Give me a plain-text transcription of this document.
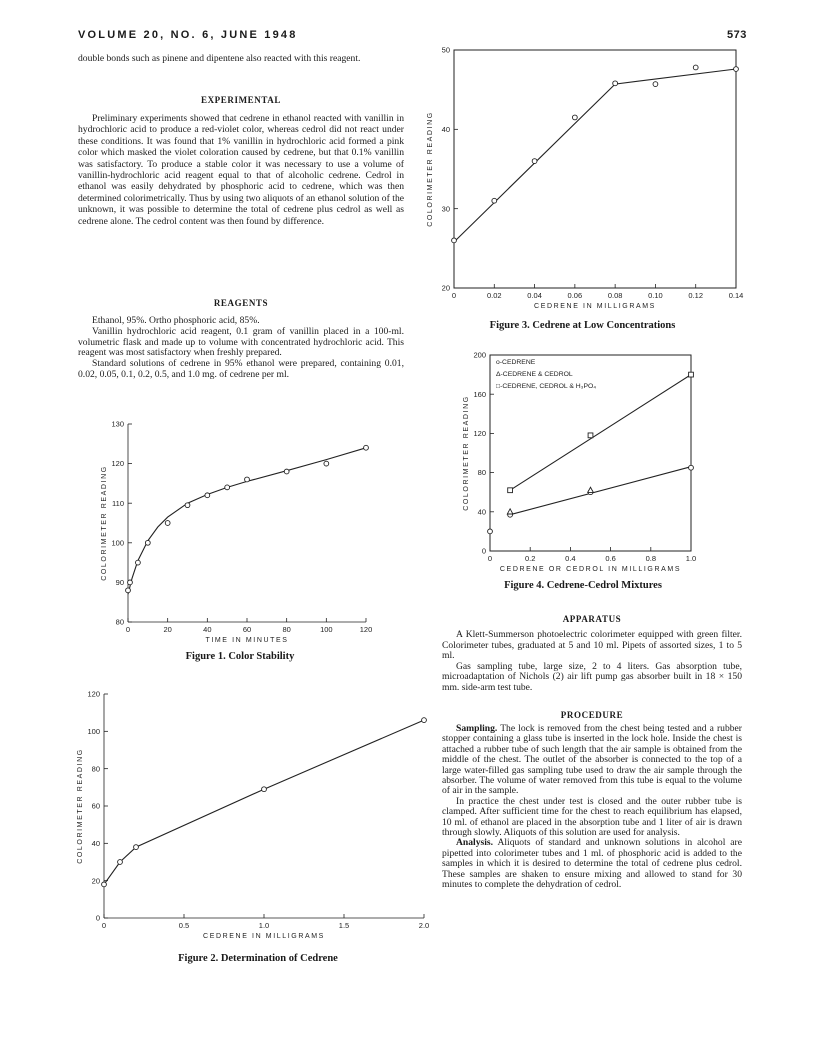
VOLUME 20, NO. 6, JUNE 1948	573

double bonds such as pinene and dipentene also reacted with this reagent.

EXPERIMENTAL

Preliminary experiments showed that cedrene in ethanol reacted with vanillin in hydrochloric acid to produce a red-violet color, whereas cedrol did not react under these conditions. It was found that 1% vanillin in hydrochloric acid formed a pink color which masked the violet coloration caused by cedrene, but that 0.1% vanillin was satisfactory. To produce a stable color it was necessary to use a volume of vanillin-hydrochloric acid reagent equal to that of alcoholic cedrene. Cedrol in ethanol was easily dehydrated by phosphoric acid to cedrene, which was then determined colorimetrically. Thus by using two aliquots of an ethanol solution of the unknown, it was possible to determine the total of cedrene plus cedrol as well as cedrene alone. The cedrol content was then found by difference.

REAGENTS

Ethanol, 95%. Ortho phosphoric acid, 85%.

Vanillin hydrochloric acid reagent, 0.1 gram of vanillin placed in a 100-ml. volumetric flask and made up to volume with concentrated hydrochloric acid. This reagent was most satisfactory when freshly prepared.

Standard solutions of cedrene in 95% ethanol were prepared, containing 0.01, 0.02, 0.05, 0.1, 0.2, 0.5, and 1.0 mg. of cedrene per ml.

APPARATUS

A Klett-Summerson photoelectric colorimeter equipped with green filter. Colorimeter tubes, graduated at 5 and 10 ml. Pipets of assorted sizes, 1 to 5 ml.

Gas sampling tube, large size, 2 to 4 liters. Gas absorption tube, microadaptation of Nichols (2) air lift pump gas absorber built in 18 × 150 mm. side-arm test tube.

PROCEDURE

Sampling. The lock is removed from the chest being tested and a rubber stopper containing a glass tube is inserted in the lock hole. Inside the chest is attached a rubber tube of such length that the air sample is obtained from the middle of the chest. The outlet of the absorber is connected to the top of a large water-filled gas sampling tube used to draw the air sample through the absorber. The volume of water removed from this tube is equal to the volume of air in the sample.

In practice the chest under test is closed and the outer rubber tube is clamped. After sufficient time for the chest to reach equilibrium has elapsed, 10 ml. of ethanol are placed in the absorption tube and 1 liter of air is drawn through slowly. Aliquots of this solution are used for analysis.

Analysis. Aliquots of standard and unknown solutions in alcohol are pipetted into colorimeter tubes and 1 ml. of phosphoric acid is added to the samples in which it is desired to determine the total of cedrene plus cedrol. These samples are shaken to ensure mixing and allowed to stand for 30 minutes to complete the dehydration of cedrol.

0	20	40	60	80	100	120
80
90
100
110
120
130
TIME IN MINUTES
COLORIMETER READING
Figure 1. Color Stability
0	0.5	1.0	1.5	2.0
0
20
40
60
80
100
120
CEDRENE IN MILLIGRAMS
COLORIMETER READING
Figure 2. Determination of Cedrene
0	0.02	0.04	0.06	0.08	0.10	0.12	0.14
20
30
40
50
CEDRENE IN MILLIGRAMS
COLORIMETER READING
Figure 3. Cedrene at Low Concentrations
0	0.2	0.4	0.6	0.8	1.0
0
40
80
120
160
200
CEDRENE OR CEDROL IN MILLIGRAMS
COLORIMETER READING
o-CEDRENE
Δ-CEDRENE & CEDROL
□-CEDRENE, CEDROL & H₃PO₄
Figure 4. Cedrene-Cedrol Mixtures
